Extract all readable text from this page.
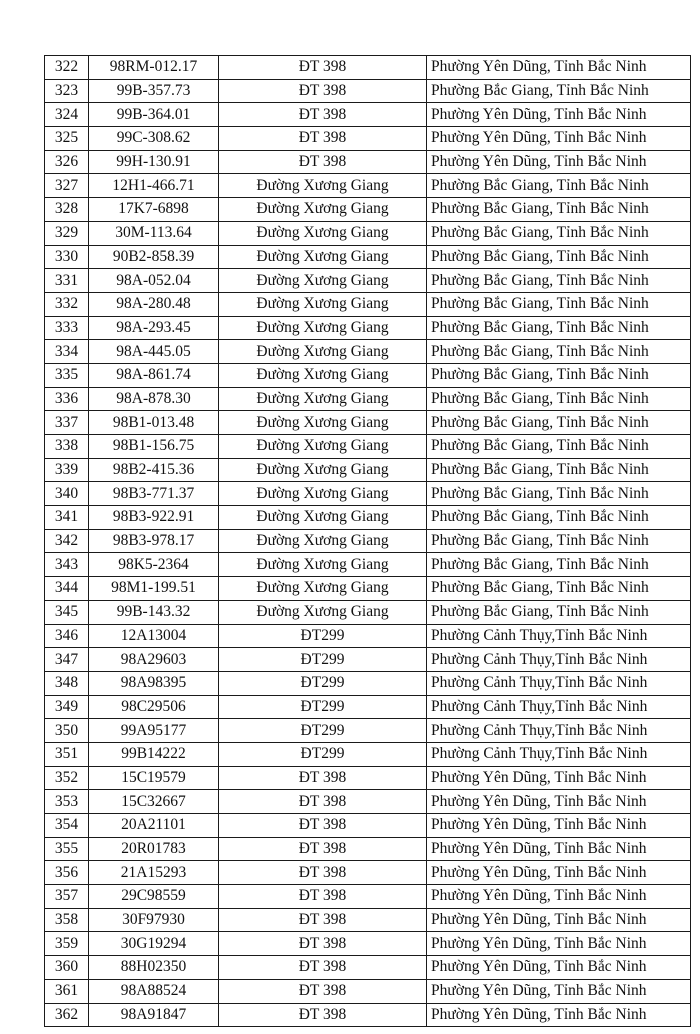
322	98RM-012.17	ĐT 398	Phường Yên Dũng, Tỉnh Bắc Ninh
323	99B-357.73	ĐT 398	Phường Bắc Giang, Tỉnh Bắc Ninh
324	99B-364.01	ĐT 398	Phường Yên Dũng, Tỉnh Bắc Ninh
325	99C-308.62	ĐT 398	Phường Yên Dũng, Tỉnh Bắc Ninh
326	99H-130.91	ĐT 398	Phường Yên Dũng, Tỉnh Bắc Ninh
327	12H1-466.71	Đường Xương Giang	Phường Bắc Giang, Tỉnh Bắc Ninh
328	17K7-6898	Đường Xương Giang	Phường Bắc Giang, Tỉnh Bắc Ninh
329	30M-113.64	Đường Xương Giang	Phường Bắc Giang, Tỉnh Bắc Ninh
330	90B2-858.39	Đường Xương Giang	Phường Bắc Giang, Tỉnh Bắc Ninh
331	98A-052.04	Đường Xương Giang	Phường Bắc Giang, Tỉnh Bắc Ninh
332	98A-280.48	Đường Xương Giang	Phường Bắc Giang, Tỉnh Bắc Ninh
333	98A-293.45	Đường Xương Giang	Phường Bắc Giang, Tỉnh Bắc Ninh
334	98A-445.05	Đường Xương Giang	Phường Bắc Giang, Tỉnh Bắc Ninh
335	98A-861.74	Đường Xương Giang	Phường Bắc Giang, Tỉnh Bắc Ninh
336	98A-878.30	Đường Xương Giang	Phường Bắc Giang, Tỉnh Bắc Ninh
337	98B1-013.48	Đường Xương Giang	Phường Bắc Giang, Tỉnh Bắc Ninh
338	98B1-156.75	Đường Xương Giang	Phường Bắc Giang, Tỉnh Bắc Ninh
339	98B2-415.36	Đường Xương Giang	Phường Bắc Giang, Tỉnh Bắc Ninh
340	98B3-771.37	Đường Xương Giang	Phường Bắc Giang, Tỉnh Bắc Ninh
341	98B3-922.91	Đường Xương Giang	Phường Bắc Giang, Tỉnh Bắc Ninh
342	98B3-978.17	Đường Xương Giang	Phường Bắc Giang, Tỉnh Bắc Ninh
343	98K5-2364	Đường Xương Giang	Phường Bắc Giang, Tỉnh Bắc Ninh
344	98M1-199.51	Đường Xương Giang	Phường Bắc Giang, Tỉnh Bắc Ninh
345	99B-143.32	Đường Xương Giang	Phường Bắc Giang, Tỉnh Bắc Ninh
346	12A13004	ĐT299	Phường Cảnh Thụy,Tỉnh Bắc Ninh
347	98A29603	ĐT299	Phường Cảnh Thụy,Tỉnh Bắc Ninh
348	98A98395	ĐT299	Phường Cảnh Thụy,Tỉnh Bắc Ninh
349	98C29506	ĐT299	Phường Cảnh Thụy,Tỉnh Bắc Ninh
350	99A95177	ĐT299	Phường Cảnh Thụy,Tỉnh Bắc Ninh
351	99B14222	ĐT299	Phường Cảnh Thụy,Tỉnh Bắc Ninh
352	15C19579	ĐT 398	Phường Yên Dũng, Tỉnh Bắc Ninh
353	15C32667	ĐT 398	Phường Yên Dũng, Tỉnh Bắc Ninh
354	20A21101	ĐT 398	Phường Yên Dũng, Tỉnh Bắc Ninh
355	20R01783	ĐT 398	Phường Yên Dũng, Tỉnh Bắc Ninh
356	21A15293	ĐT 398	Phường Yên Dũng, Tỉnh Bắc Ninh
357	29C98559	ĐT 398	Phường Yên Dũng, Tỉnh Bắc Ninh
358	30F97930	ĐT 398	Phường Yên Dũng, Tỉnh Bắc Ninh
359	30G19294	ĐT 398	Phường Yên Dũng, Tỉnh Bắc Ninh
360	88H02350	ĐT 398	Phường Yên Dũng, Tỉnh Bắc Ninh
361	98A88524	ĐT 398	Phường Yên Dũng, Tỉnh Bắc Ninh
362	98A91847	ĐT 398	Phường Yên Dũng, Tỉnh Bắc Ninh
